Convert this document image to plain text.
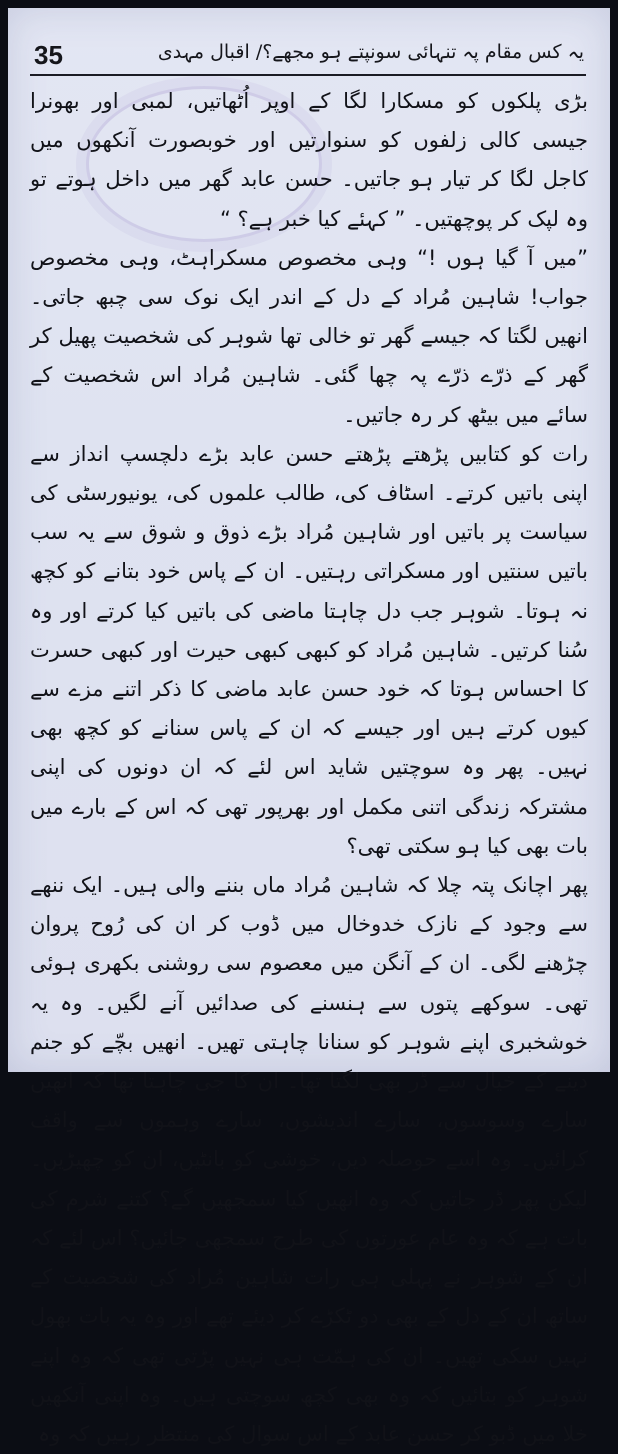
35	یہ کس مقام پہ تنہائی سونپتے ہو مجھے؟/ اقبال مہدی

بڑی پلکوں کو مسکارا لگا کے اوپر اُٹھاتیں، لمبی اور بھونرا جیسی کالی زلفوں کو سنوارتیں اور خوبصورت آنکھوں میں کاجل لگا کر تیار ہو جاتیں۔ حسن عابد گھر میں داخل ہوتے تو وہ لپک کر پوچھتیں۔ ” کہئے کیا خبر ہے؟ “

”میں آ گیا ہوں !“ وہی مخصوص مسکراہٹ، وہی مخصوص جواب! شاہین مُراد کے دل کے اندر ایک نوک سی چبھ جاتی۔ انھیں لگتا کہ جیسے گھر تو خالی تھا شوہر کی شخصیت پھیل کر گھر کے ذرّے ذرّے پہ چھا گئی۔ شاہین مُراد اس شخصیت کے سائے میں بیٹھ کر رہ جاتیں۔

رات کو کتابیں پڑھتے پڑھتے حسن عابد بڑے دلچسپ انداز سے اپنی باتیں کرتے۔ اسٹاف کی، طالب علموں کی، یونیورسٹی کی سیاست پر باتیں اور شاہین مُراد بڑے ذوق و شوق سے یہ سب باتیں سنتیں اور مسکراتی رہتیں۔ ان کے پاس خود بتانے کو کچھ نہ ہوتا۔ شوہر جب دل چاہتا ماضی کی باتیں کیا کرتے اور وہ سُنا کرتیں۔ شاہین مُراد کو کبھی کبھی حیرت اور کبھی حسرت کا احساس ہوتا کہ خود حسن عابد ماضی کا ذکر اتنے مزے سے کیوں کرتے ہیں اور جیسے کہ ان کے پاس سنانے کو کچھ بھی نہیں۔ پھر وہ سوچتیں شاید اس لئے کہ ان دونوں کی اپنی مشترکہ زندگی اتنی مکمل اور بھرپور تھی کہ اس کے بارے میں بات بھی کیا ہو سکتی تھی؟

پھر اچانک پتہ چلا کہ شاہین مُراد ماں بننے والی ہیں۔ ایک ننھے سے وجود کے نازک خدوخال میں ڈوب کر ان کی رُوح پروان چڑھنے لگی۔ ان کے آنگن میں معصوم سی روشنی بکھری ہوئی تھی۔ سوکھے پتوں سے ہنسنے کی صدائیں آنے لگیں۔ وہ یہ خوشخبری اپنے شوہر کو سنانا چاہتی تھیں۔ انھیں بچّے کو جنم دینے کے خیال سے ڈر بھی لگتا تھا۔ ان کا جی چاہتا تھا کہ انھیں سارے وسوسوں، سارے اندیشوں، سارے وہموں سے واقف کرائیں۔ وہ اسے حوصلہ دیں، خوشی کو بانٹیں، ان کو چھیڑیں۔ لیکن پھر ڈر جاتیں کہ وہ انھیں کیا سمجھیں گے؟ کتنے شرم کی بات ہے کہ وہ عام عورتوں کی طرح سمجھی جائیں؟ اس لئے کہ ان کے شوہر نے پہلی ہی رات شاہین مُراد کی شخصیت کے ساتھ ان کے دل کے بھی دو ٹکڑے کر دیئے تھے اور وہ یہ بات بھول نہیں سکی تھیں۔ ان کی ہمّت ہی نہیں پڑتی تھی کہ وہ اپنے شوہر کو بتائیں کہ وہ بھی کچھ سوچتی ہیں۔ وہ اپنی آنکھیں خلا میں ڈبو کر حسن عابد کے اس سوال کی منتظر رہیں کہ وہ
